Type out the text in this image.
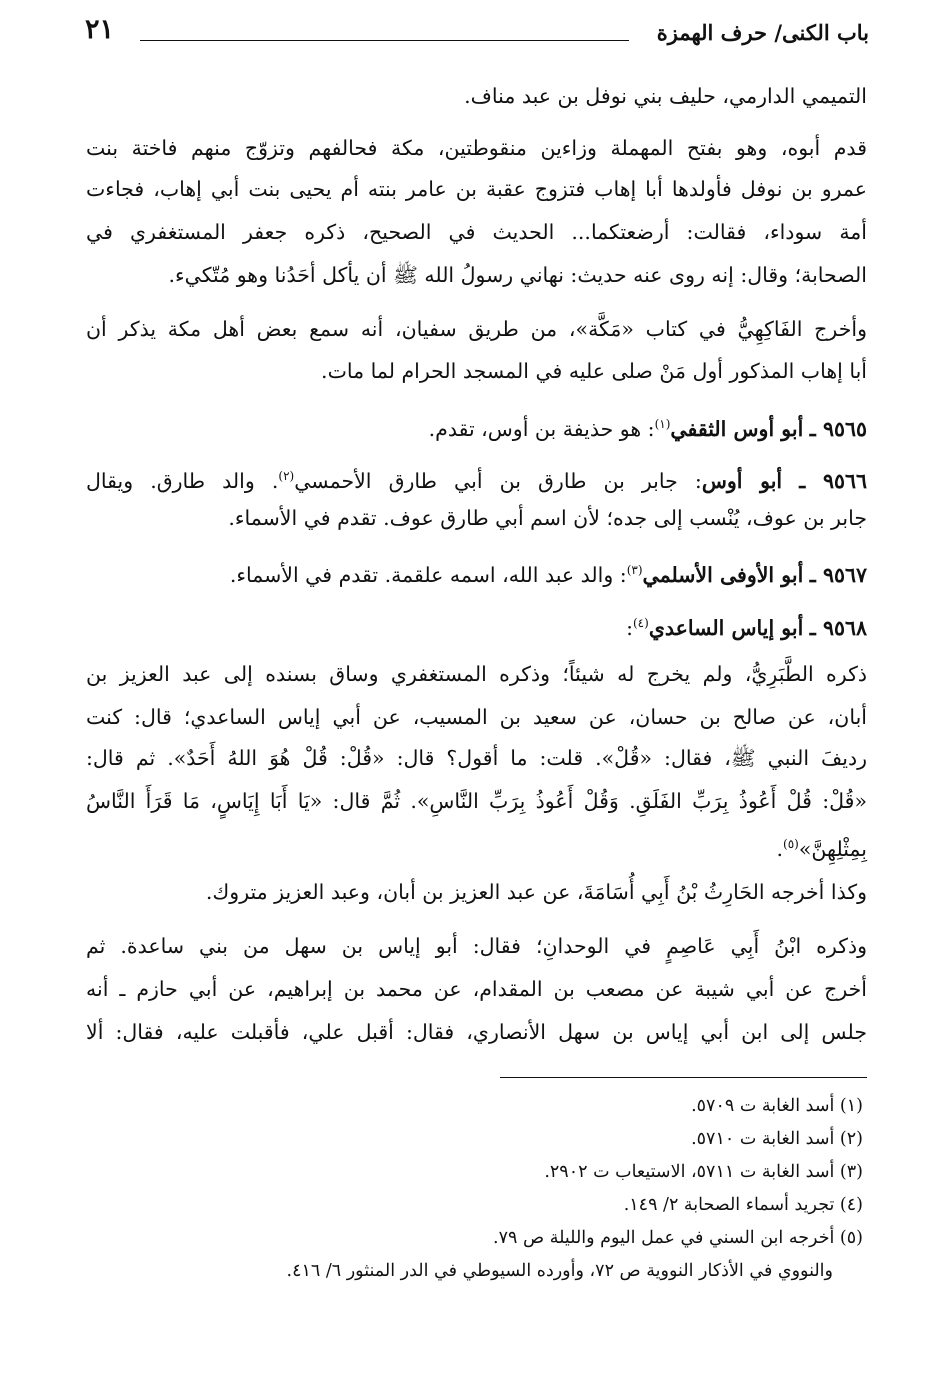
باب الكنى/ حرف الهمزة
٢١
التميمي الدارمي، حليف بني نوفل بن عبد مناف.
قدم أبوه، وهو بفتح المهملة وزاءين منقوطتين، مكة فحالفهم وتزوّج منهم فاختة بنت
عمرو بن نوفل فأولدها أبا إهاب فتزوج عقبة بن عامر بنته أم يحيى بنت أبي إهاب، فجاءت
أمة سوداء، فقالت: أرضعتكما... الحديث في الصحيح، ذكره جعفر المستغفري في
الصحابة؛ وقال: إنه روى عنه حديث: نهاني رسولُ الله ﷺ أن يأكل أحَدُنا وهو مُتّكيء.
وأخرج الفَاكِهِيُّ في كتاب «مَكَّة»، من طريق سفيان، أنه سمع بعض أهل مكة يذكر أن
أبا إهاب المذكور أول مَنْ صلى عليه في المسجد الحرام لما مات.
٩٥٦٥ ـ أبو أوس الثقفي$^{(١)}$: هو حذيفة بن أوس، تقدم.
٩٥٦٦ ـ أبو أوس: جابر بن طارق بن أبي طارق الأحمسي$^{(٢)}$. والد طارق. ويقال
جابر بن عوف، يُنْسب إلى جده؛ لأن اسم أبي طارق عوف. تقدم في الأسماء.
٩٥٦٧ ـ أبو الأوفى الأسلمي$^{(٣)}$: والد عبد الله، اسمه علقمة. تقدم في الأسماء.
٩٥٦٨ ـ أبو إياس الساعدي$^{(٤)}$:
ذكره الطَّبَرِيُّ، ولم يخرج له شيئاً؛ وذكره المستغفري وساق بسنده إلى عبد العزيز بن
أبان، عن صالح بن حسان، عن سعيد بن المسيب، عن أبي إياس الساعدي؛ قال: كنت
رديفَ النبي ﷺ، فقال: «قُلْ». قلت: ما أقول؟ قال: «قُلْ: قُلْ هُوَ اللهُ أَحَدٌ». ثم قال:
«قُلْ: قُلْ أَعُوذُ بِرَبِّ الفَلَقِ. وَقُلْ أَعُوذُ بِرَبِّ النَّاسِ». ثُمَّ قال: «يَا أَبَا إِيَاسٍ، مَا قَرَأَ النَّاسُ
بِمِثْلِهِنَّ»$^{(٥)}$.
وكذا أخرجه الحَارِثُ بْنُ أَبِي أُسَامَةَ، عن عبد العزيز بن أبان، وعبد العزيز متروك.
وذكره ابْنُ أَبِي عَاصِمٍ في الوحدانِ؛ فقال: أبو إياس بن سهل من بني ساعدة. ثم
أخرج عن أبي شيبة عن مصعب بن المقدام، عن محمد بن إبراهيم، عن أبي حازم ـ أنه
جلس إلى ابن أبي إياس بن سهل الأنصاري، فقال: أقبل علي، فأقبلت عليه، فقال: ألا
(١) أسد الغابة ت ٥٧٠٩.
(٢) أسد الغابة ت ٥٧١٠.
(٣) أسد الغابة ت ٥٧١١، الاستيعاب ت ٢٩٠٢.
(٤) تجريد أسماء الصحابة ٢/ ١٤٩.
(٥) أخرجه ابن السني في عمل اليوم والليلة ص ٧٩.
والنووي في الأذكار النووية ص ٧٢، وأورده السيوطي في الدر المنثور ٦/ ٤١٦.
